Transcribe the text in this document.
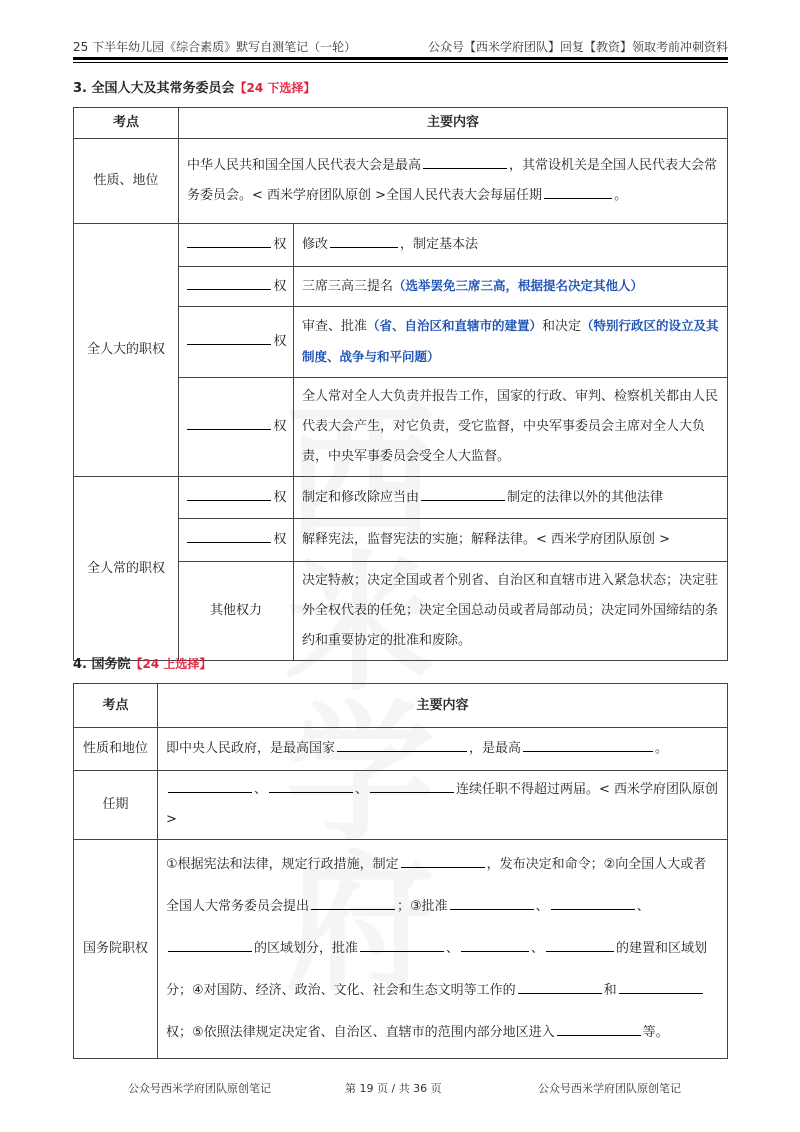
25 下半年幼儿园《综合素质》默写自测笔记（一轮）	公众号【西米学府团队】回复【教资】领取考前冲刺资料
3. 全国人大及其常务委员会【24 下选择】
考点	主要内容	
性质、地位	中华人民共和国全国人民代表大会是最高 ，其常设机关是全国人民代表大会常务委员会。< 西米学府团队原创 >全国人民代表大会每届任期 。	
全人大的职权	权	修改 ，制定基本法
	权	三席三高三提名（选举罢免三席三高，根据提名决定其他人）
	权	审查、批准（省、自治区和直辖市的建置）和决定（特别行政区的设立及其制度、战争与和平问题）
	权	全人常对全人大负责并报告工作，国家的行政、审判、检察机关都由人民代表大会产生，对它负责，受它监督，中央军事委员会主席对全人大负责，中央军事委员会受全人大监督。
全人常的职权	权	制定和修改除应当由 制定的法律以外的其他法律
	权	解释宪法，监督宪法的实施；解释法律。< 西米学府团队原创 >
	其他权力	决定特赦；决定全国或者个别省、自治区和直辖市进入紧急状态；决定驻外全权代表的任免；决定全国总动员或者局部动员；决定同外国缔结的条约和重要协定的批准和废除。
4. 国务院【24 上选择】
考点	主要内容
性质和地位	即中央人民政府，是最高国家 ，是最高 。
任期	、 、 连续任职不得超过两届。< 西米学府团队原创 >
国务院职权	①根据宪法和法律，规定行政措施，制定 ，发布决定和命令；②向全国人大或者全国人大常务委员会提出 ；③批准 、 、的区域划分，批准 、 、 的建置和区域划分；④对国防、经济、政治、文化、社会和生态文明等工作的 和权；⑤依照法律规定决定省、自治区、直辖市的范围内部分地区进入 等。
公众号西米学府团队原创笔记	第 19 页 / 共 36 页	公众号西米学府团队原创笔记
